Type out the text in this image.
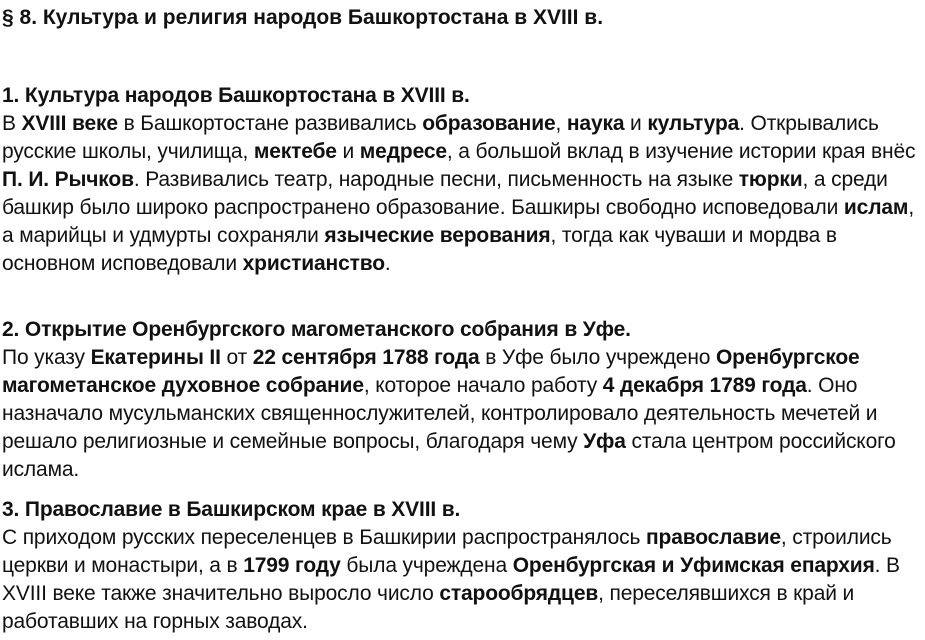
§ 8. Культура и религия народов Башкортостана в XVIII в.
1. Культура народов Башкортостана в XVIII в.

В XVIII веке в Башкортостане развивались образование, наука и культура. Открывались русские школы, училища, мектебе и медресе, а большой вклад в изучение истории края внёс П. И. Рычков. Развивались театр, народные песни, письменность на языке тюрки, а среди башкир было широко распространено образование. Башкиры свободно исповедовали ислам, а марийцы и удмурты сохраняли языческие верования, тогда как чуваши и мордва в основном исповедовали христианство.

2. Открытие Оренбургского магометанского собрания в Уфе.

По указу Екатерины II от 22 сентября 1788 года в Уфе было учреждено Оренбургское магометанское духовное собрание, которое начало работу 4 декабря 1789 года. Оно назначало мусульманских священнослужителей, контролировало деятельность мечетей и решало религиозные и семейные вопросы, благодаря чему Уфа стала центром российского ислама.

3. Православие в Башкирском крае в XVIII в.

С приходом русских переселенцев в Башкирии распространялось православие, строились церкви и монастыри, а в 1799 году была учреждена Оренбургская и Уфимская епархия. В XVIII веке также значительно выросло число старообрядцев, переселявшихся в край и работавших на горных заводах.
